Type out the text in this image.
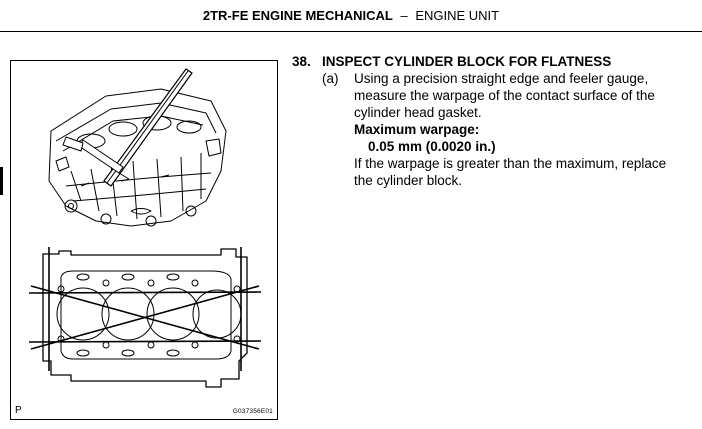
2TR-FE ENGINE MECHANICAL – ENGINE UNIT
P	G037356E01
38. INSPECT CYLINDER BLOCK FOR FLATNESS
(a) Using a precision straight edge and feeler gauge,
measure the warpage of the contact surface of the
cylinder head gasket.
Maximum warpage:
0.05 mm (0.0020 in.)
If the warpage is greater than the maximum, replace
the cylinder block.
